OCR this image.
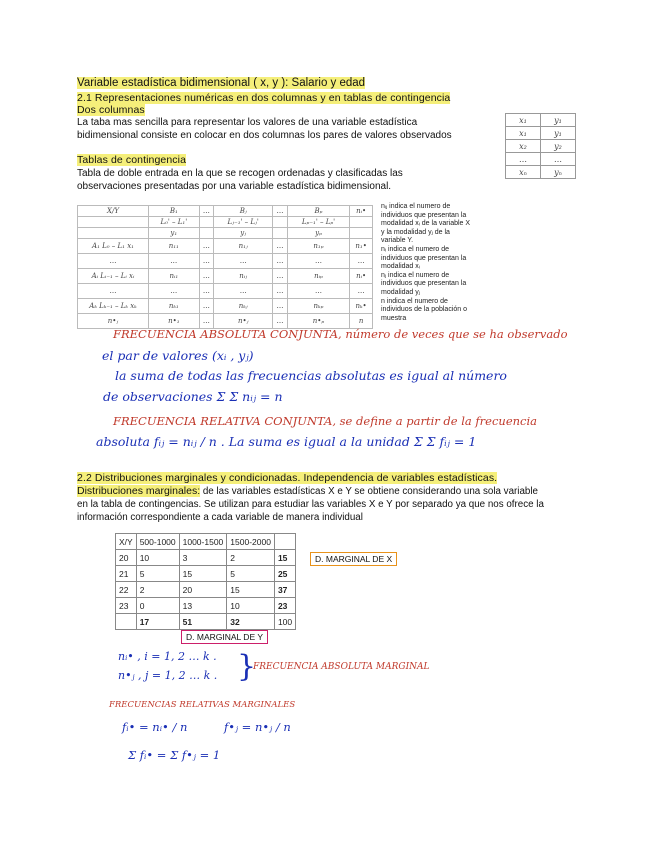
Variable estadística bidimensional ( x, y ): Salario y edad
2.1 Representaciones numéricas en dos columnas y en tablas de contingencia
Dos columnas
La taba mas sencilla para representar los valores de una variable estadística
bidimensional consiste en colocar en dos columnas los pares de valores observados
x₁	y₁
x₁	y₁
x₂	y₂
…	…
xₙ	yₙ
Tablas de contingencia
Tabla de doble entrada en la que se recogen ordenadas y clasificadas las
observaciones presentadas por una variable estadística bidimensional.
X/Y	B₁	…	Bⱼ	…	Bₚ	nᵢ•
	L₀' – L₁'		Lⱼ₋₁' – Lⱼ'		Lₚ₋₁' – Lₚ'	
	y₁		yⱼ		yₚ	
A₁ L₀ – L₁ x₁	n₁₁	…	n₁ⱼ	…	n₁ₚ	n₁•
…	…	…	…	…	…	…
Aᵢ Lᵢ₋₁ – Lᵢ xᵢ	nᵢ₁	…	nᵢⱼ	…	nᵢₚ	nᵢ•
…	…	…	…	…	…	…
Aₖ Lₖ₋₁ – Lₖ xₖ	nₖ₁	…	nₖⱼ	…	nₖₚ	nₖ•
n•ⱼ	n•₁	…	n•ⱼ	…	n•ₚ	n
nᵢⱼ indica el numero de
individuos que presentan la
modalidad xᵢ de la variable X
y la modalidad yⱼ de la
variable Y.
nᵢ indica el numero de
individuos que presentan la
modalidad xᵢ
nⱼ indica el numero de
individuos que presentan la
modalidad yⱼ
n indica el numero de
individuos de la población o
muestra
FRECUENCIA ABSOLUTA CONJUNTA, número de veces que se ha observado
el par de valores (xᵢ , yⱼ)
la suma de todas las frecuencias absolutas es igual al número
de observaciones Σ Σ nᵢⱼ = n
FRECUENCIA RELATIVA CONJUNTA, se define a partir de la frecuencia
absoluta fᵢⱼ = nᵢⱼ / n . La suma es igual a la unidad Σ Σ fᵢⱼ = 1
2.2 Distribuciones marginales y condicionadas. Independencia de variables estadísticas.
Distribuciones marginales: de las variables estadísticas X e Y se obtiene considerando una sola variable
en la tabla de contingencias. Se utilizan para estudiar las variables X e Y por separado ya que nos ofrece la
información correspondiente a cada variable de manera individual
X/Y	500-1000	1000-1500	1500-2000	
20	10	3	2	15
21	5	15	5	25
22	2	20	15	37
23	0	13	10	23
	17	51	32	100
D. MARGINAL DE X
D. MARGINAL DE Y
nᵢ• , i = 1, 2 … k .
n•ⱼ , j = 1, 2 … k . }
FRECUENCIA ABSOLUTA MARGINAL
FRECUENCIAS RELATIVAS MARGINALES
fᵢ• = nᵢ• / n          f•ⱼ = n•ⱼ / n
Σ fᵢ• = Σ f•ⱼ = 1
